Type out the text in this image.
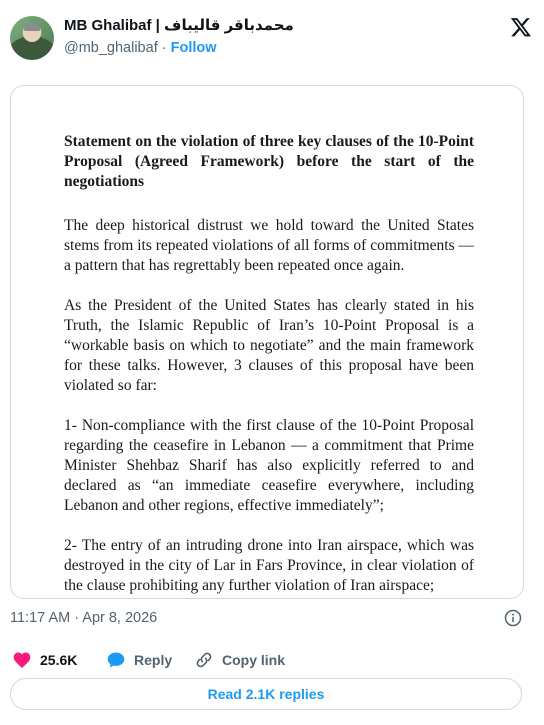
MB Ghalibaf | محمدباقر قالیباف
@mb_ghalibaf · Follow

Statement on the violation of three key clauses of the 10-Point Proposal (Agreed Framework) before the start of the negotiations

The deep historical distrust we hold toward the United States stems from its repeated violations of all forms of commitments — a pattern that has regrettably been repeated once again.

As the President of the United States has clearly stated in his Truth, the Islamic Republic of Iran’s 10-Point Proposal is a “workable basis on which to negotiate” and the main framework for these talks. However, 3 clauses of this proposal have been violated so far:

1- Non-compliance with the first clause of the 10-Point Proposal regarding the ceasefire in Lebanon — a commitment that Prime Minister Shehbaz Sharif has also explicitly referred to and declared as “an immediate ceasefire everywhere, including Lebanon and other regions, effective immediately”;

2- The entry of an intruding drone into Iran airspace, which was destroyed in the city of Lar in Fars Province, in clear violation of the clause prohibiting any further violation of Iran airspace;

11:17 AM · Apr 8, 2026
25.6K	Reply	Copy link
Read 2.1K replies
